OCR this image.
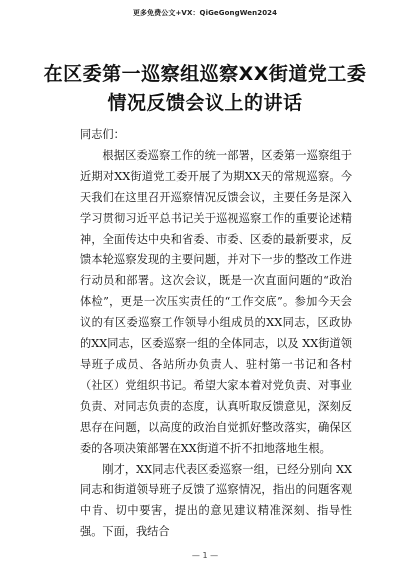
更多免费公文+VX：QiGeGongWen2024
在区委第一巡察组巡察XX街道党工委情况反馈会议上的讲话

同志们：

根据区委巡察工作的统一部署，区委第一巡察组于近期对XX街道党工委开展了为期XX天的常规巡察。今天我们在这里召开巡察情况反馈会议，主要任务是深入学习贯彻习近平总书记关于巡视巡察工作的重要论述精神，全面传达中央和省委、市委、区委的最新要求，反馈本轮巡察发现的主要问题，并对下一步的整改工作进行动员和部署。这次会议，既是一次直面问题的“政治体检”，更是一次压实责任的“工作交底”。参加今天会议的有区委巡察工作领导小组成员的XX同志，区政协的XX同志，区委巡察一组的全体同志，以及 XX街道领导班子成员、各站所办负责人、驻村第一书记和各村（社区）党组织书记。希望大家本着对党负责、对事业负责、对同志负责的态度，认真听取反馈意见，深刻反思存在问题，以高度的政治自觉抓好整改落实，确保区委的各项决策部署在XX街道不折不扣地落地生根。

刚才，XX同志代表区委巡察一组，已经分别向 XX同志和街道领导班子反馈了巡察情况，指出的问题客观中肯、切中要害，提出的意见建议精准深刻、指导性强。下面，我结合

— 1 —
